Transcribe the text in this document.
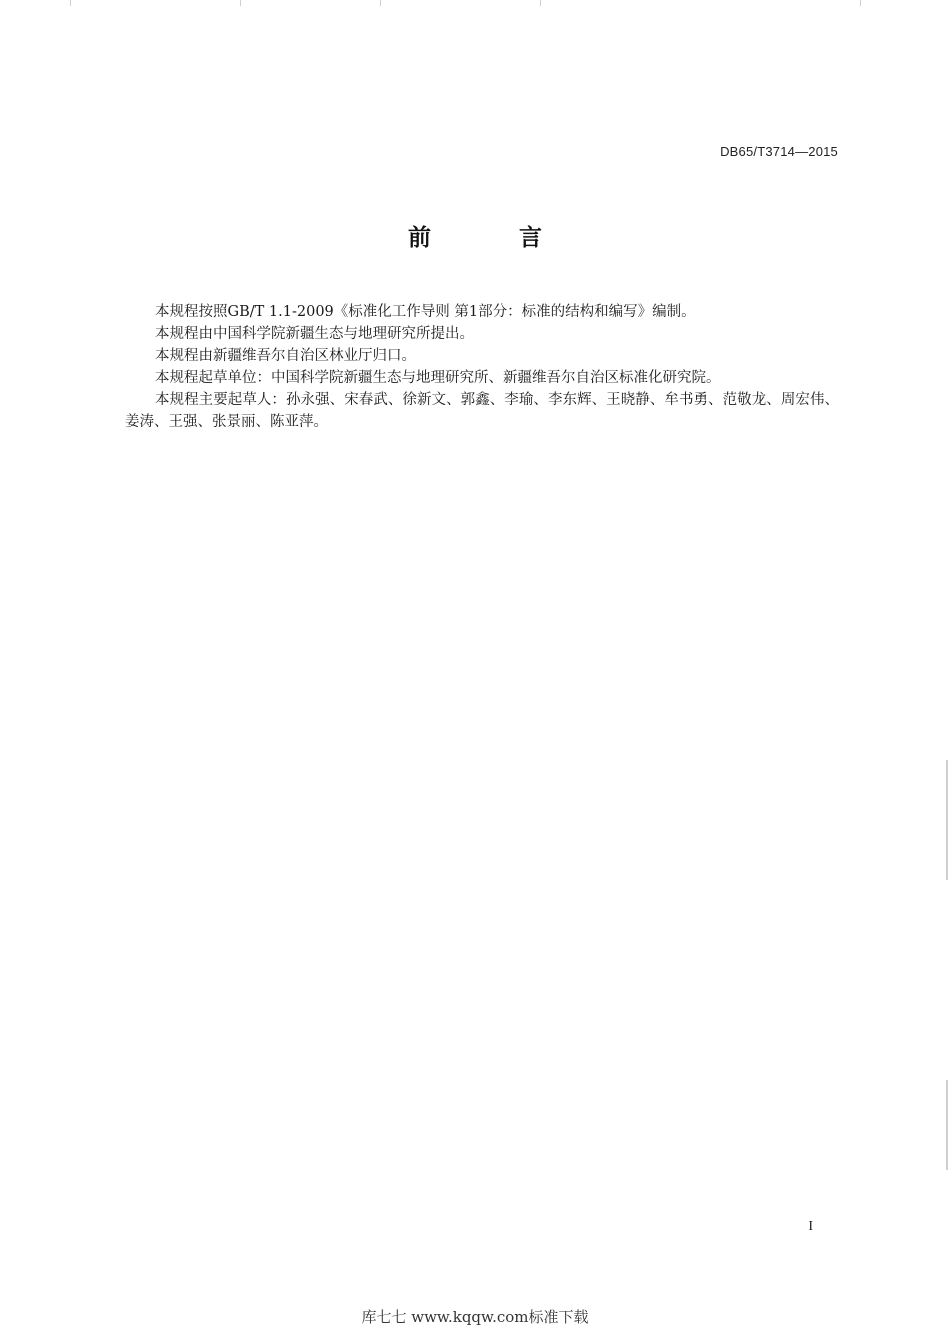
DB65/T3714—2015
前 言

本规程按照GB/T 1.1-2009《标准化工作导则 第1部分：标准的结构和编写》编制。

本规程由中国科学院新疆生态与地理研究所提出。

本规程由新疆维吾尔自治区林业厅归口。

本规程起草单位：中国科学院新疆生态与地理研究所、新疆维吾尔自治区标准化研究院。

本规程主要起草人：孙永强、宋春武、徐新文、郭鑫、李瑜、李东辉、王晓静、牟书勇、范敬龙、周宏伟、姜涛、王强、张景丽、陈亚萍。

I
库七七 www.kqqw.com标准下载
